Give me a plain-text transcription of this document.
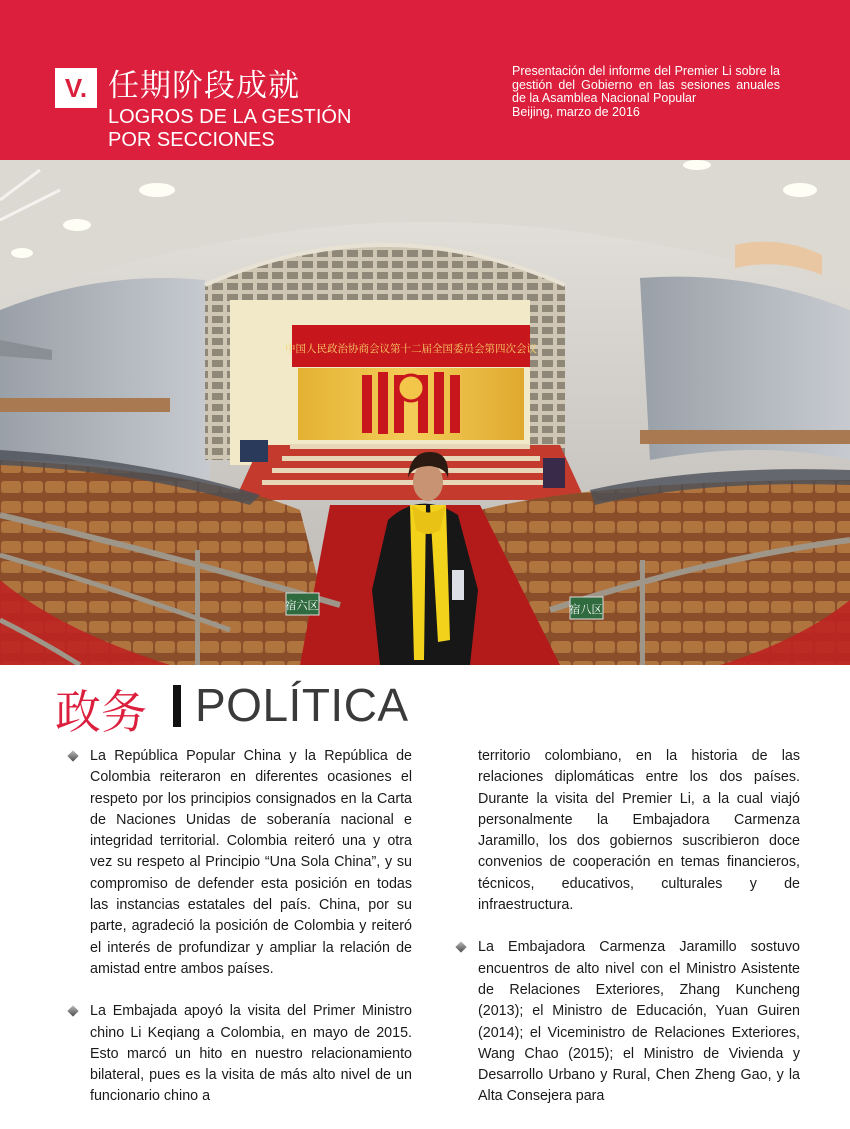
V. 任期阶段成就
LOGROS DE LA GESTIÓN
POR SECCIONES
Presentación del informe del Premier Li sobre la gestión del Gobierno en las sesiones anuales de la Asamblea Nacional Popular
Beijing, marzo de 2016
中国人民政治协商会议第十二届全国委员会第四次会议
宿六区	宿八区
政务 POLÍTICA
La República Popular China y la República de Colombia reiteraron en diferentes ocasiones el respeto por los principios consignados en la Carta de Naciones Unidas de soberanía nacional e integridad territorial. Colombia reiteró una y otra vez su respeto al Principio “Una Sola China”, y su compromiso de defender esta posición en todas las instancias estatales del país. China, por su parte, agradeció la posición de Colombia y reiteró el interés de profundizar y ampliar la relación de amistad entre ambos países.
La Embajada apoyó la visita del Primer Ministro chino Li Keqiang a Colombia, en mayo de 2015. Esto marcó un hito en nuestro relacionamiento bilateral, pues es la visita de más alto nivel de un funcionario chino a
territorio colombiano, en la historia de las relaciones diplomáticas entre los dos países. Durante la visita del Premier Li, a la cual viajó personalmente la Embajadora Carmenza Jaramillo, los dos gobiernos suscribieron doce convenios de cooperación en temas financieros, técnicos, educativos, culturales y de infraestructura.
La Embajadora Carmenza Jaramillo sostuvo encuentros de alto nivel con el Ministro Asistente de Relaciones Exteriores, Zhang Kuncheng (2013); el Ministro de Educación, Yuan Guiren (2014); el Viceministro de Relaciones Exteriores, Wang Chao (2015); el Ministro de Vivienda y Desarrollo Urbano y Rural, Chen Zheng Gao, y la Alta Consejera para
